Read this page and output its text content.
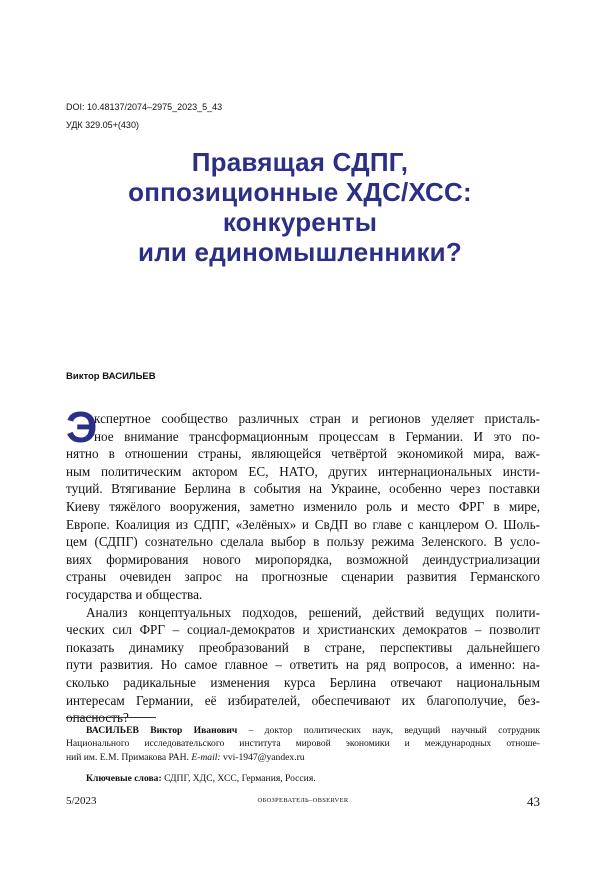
DOI: 10.48137/2074–2975_2023_5_43
УДК 329.05+(430)
Правящая СДПГ,
оппозиционные ХДС/ХСС:
конкуренты
или единомышленники?
Виктор ВАСИЛЬЕВ
Э
кспертное сообщество различных стран и регионов уделяет присталь-
ное внимание трансформационным процессам в Германии. И это по-
нятно в отношении страны, являющейся четвёртой экономикой мира, важ-
ным политическим актором ЕС, НАТО, других интернациональных инсти-
туций. Втягивание Берлина в события на Украине, особенно через поставки
Киеву тяжёлого вооружения, заметно изменило роль и место ФРГ в мире,
Европе. Коалиция из СДПГ, «Зелёных» и СвДП во главе с канцлером О. Шоль-
цем (СДПГ) сознательно сделала выбор в пользу режима Зеленского. В усло-
виях формирования нового миропорядка, возможной деиндустриализации
страны очевиден запрос на прогнозные сценарии развития Германского
государства и общества.
Анализ концептуальных подходов, решений, действий ведущих полити-
ческих сил ФРГ – социал-демократов и христианских демократов – позволит
показать динамику преобразований в стране, перспективы дальнейшего
пути развития. Но самое главное – ответить на ряд вопросов, а именно: на-
сколько радикальные изменения курса Берлина отвечают национальным
интересам Германии, её избирателей, обеспечивают их благополучие, без-
опасность?
ВАСИЛЬЕВ Виктор Иванович – доктор политических наук, ведущий научный сотрудник
Национального исследовательского института мировой экономики и международных отноше-
ний им. Е.М. Примакова РАН. E-mail: vvi-1947@yandex.ru
Ключевые слова: СДПГ, ХДС, ХСС, Германия, Россия.
5/2023	ОБОЗРЕВАТЕЛЬ–OBSERVER	43
